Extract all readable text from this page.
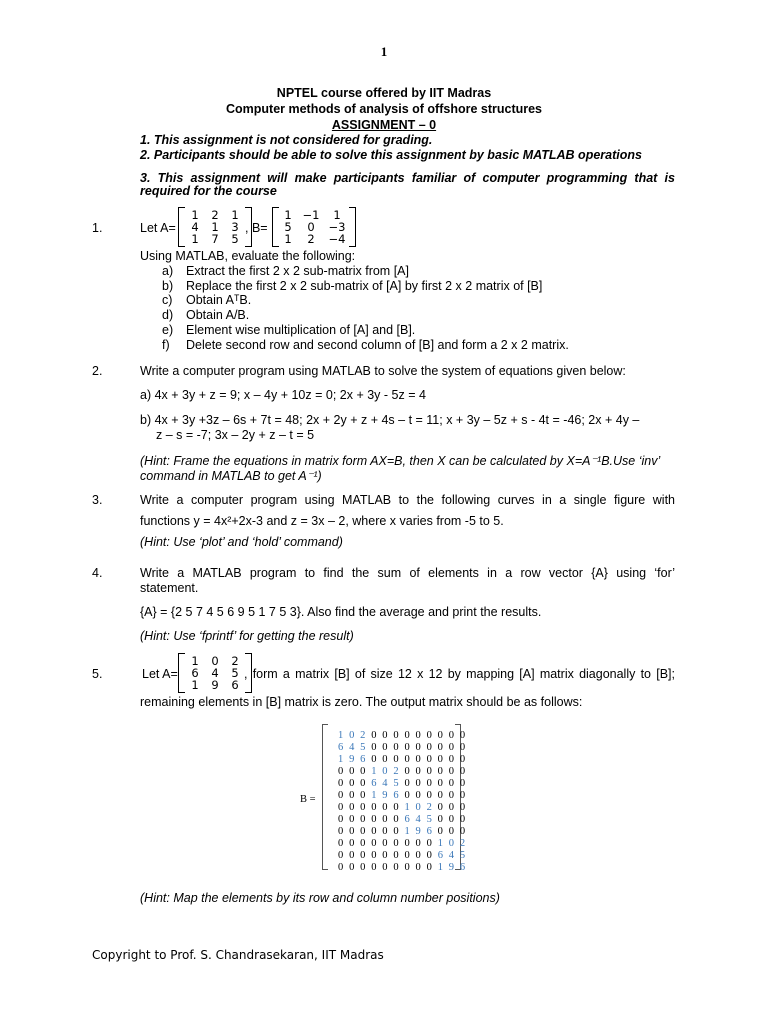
1
NPTEL course offered by IIT Madras
Computer methods of analysis of offshore structures
ASSIGNMENT – 0
1. This assignment is not considered for grading.
2. Participants should be able to solve this assignment by basic MATLAB operations
3. This assignment will make participants familiar of computer programming that is
required for the course
1.	Let A=
1	2	1
4	1	3
1	7	5
, B=
1 −1	1
5	0	−3
1	2	−4
Using MATLAB, evaluate the following:
a) Extract the first 2 x 2 sub-matrix from [A]
b) Replace the first 2 x 2 sub-matrix of [A] by first 2 x 2 matrix of [B]
c) Obtain AᵀB.
d) Obtain A/B.
e) Element wise multiplication of [A] and [B].
f) Delete second row and second column of [B] and form a 2 x 2 matrix.
2.	Write a computer program using MATLAB to solve the system of equations given below:
a) 4x + 3y + z = 9; x – 4y + 10z = 0; 2x + 3y - 5z = 4
b) 4x + 3y +3z – 6s + 7t = 48; 2x + 2y + z + 4s – t = 11; x + 3y – 5z + s - 4t = -46; 2x + 4y –
z – s = -7; 3x – 2y + z – t = 5
(Hint: Frame the equations in matrix form AX=B, then X can be calculated by X=A⁻¹B.Use ‘inv’
command in MATLAB to get A⁻¹)
3.	Write a computer program using MATLAB to the following curves in a single figure with
functions y = 4x²+2x-3 and z = 3x – 2, where x varies from -5 to 5.
(Hint: Use ‘plot’ and ‘hold’ command)
4.	Write a MATLAB program to find the sum of elements in a row vector {A} using ‘for’
statement.
{A} = {2 5 7 4 5 6 9 5 1 7 5 3}. Also find the average and print the results.
(Hint: Use ‘fprintf’ for getting the result)
5.	Let A=
1	0	2
6	4	5
1	9	6
, form a matrix [B] of size 12 x 12 by mapping [A] matrix diagonally to [B];
remaining elements in [B] matrix is zero. The output matrix should be as follows:
B =
1 0 2 0 0 0 0 0 0 0 0 0
6 4 5 0 0 0 0 0 0 0 0 0
1 9 6 0 0 0 0 0 0 0 0 0
0 0 0 1 0 2 0 0 0 0 0 0
0 0 0 6 4 5 0 0 0 0 0 0
0 0 0 1 9 6 0 0 0 0 0 0
0 0 0 0 0 0 1 0 2 0 0 0
0 0 0 0 0 0 6 4 5 0 0 0
0 0 0 0 0 0 1 9 6 0 0 0
0 0 0 0 0 0 0 0 0 1 0 2
0 0 0 0 0 0 0 0 0 6 4 5
0 0 0 0 0 0 0 0 0 1 9 6
(Hint: Map the elements by its row and column number positions)
Copyright to Prof. S. Chandrasekaran, IIT Madras
